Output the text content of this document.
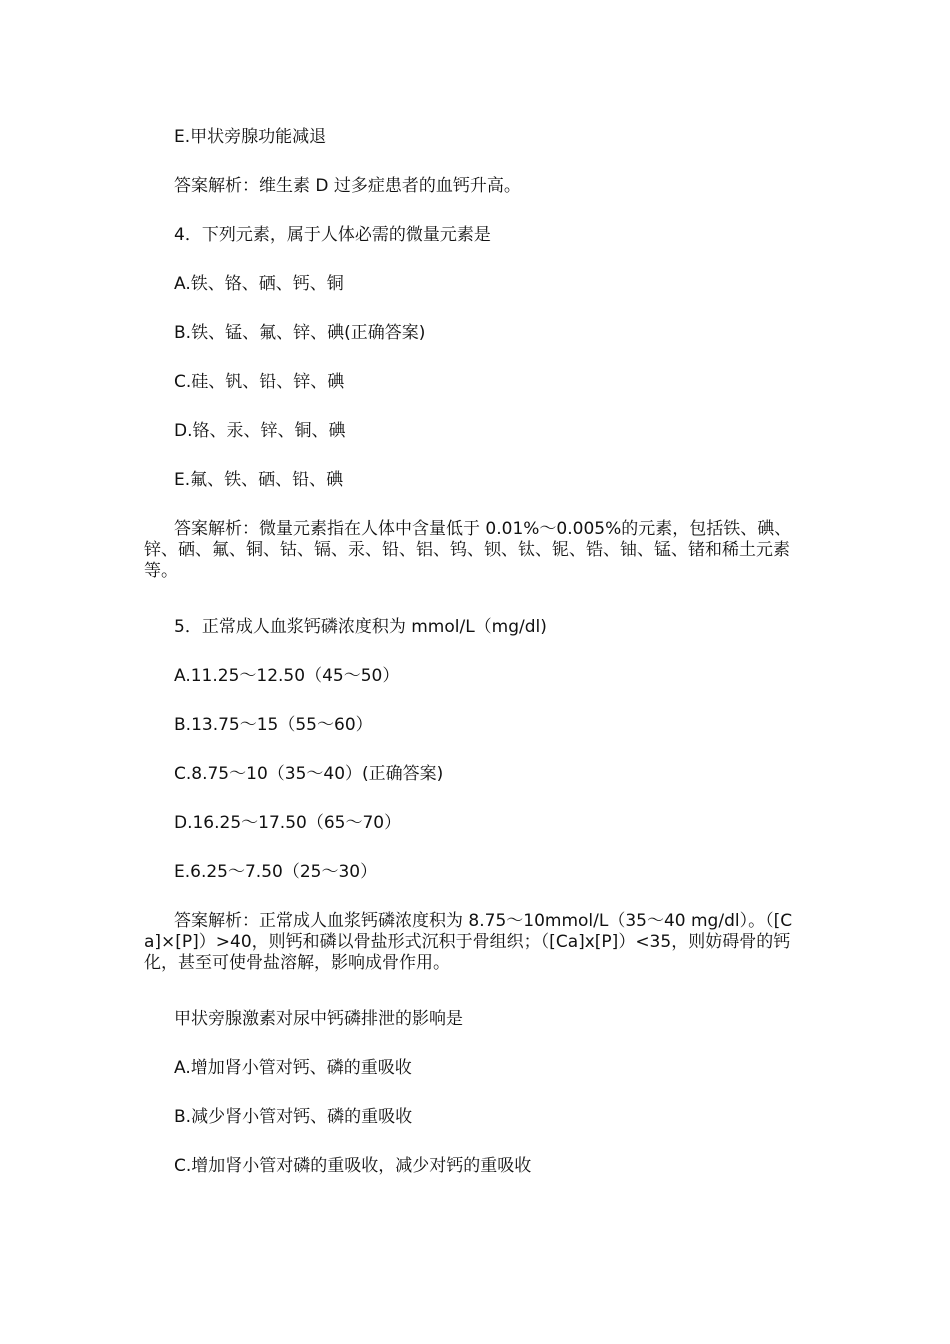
E.甲状旁腺功能减退

答案解析：维生素 D 过多症患者的血钙升高。

4．下列元素，属于人体必需的微量元素是

A.铁、铬、硒、钙、铜

B.铁、锰、氟、锌、碘(正确答案)

C.硅、钒、铅、锌、碘

D.铬、汞、锌、铜、碘

E.氟、铁、硒、铅、碘

答案解析：微量元素指在人体中含量低于 0.01%～0.005%的元素，包括铁、碘、锌、硒、氟、铜、钴、镉、汞、铅、铝、钨、钡、钛、铌、锆、铀、锰、锗和稀土元素等。

5．正常成人血浆钙磷浓度积为 mmol/L（mg/dl)

A.11.25～12.50（45～50）

B.13.75～15（55～60）

C.8.75～10（35～40）(正确答案)

D.16.25～17.50（65～70）

E.6.25～7.50（25～30）

答案解析：正常成人血浆钙磷浓度积为 8.75～10mmol/L（35～40 mg/dl）。（[Ca]×[P]）>40，则钙和磷以骨盐形式沉积于骨组织；（[Ca]x[P]）<35，则妨碍骨的钙化，甚至可使骨盐溶解，影响成骨作用。

甲状旁腺激素对尿中钙磷排泄的影响是

A.增加肾小管对钙、磷的重吸收

B.减少肾小管对钙、磷的重吸收

C.增加肾小管对磷的重吸收，减少对钙的重吸收
